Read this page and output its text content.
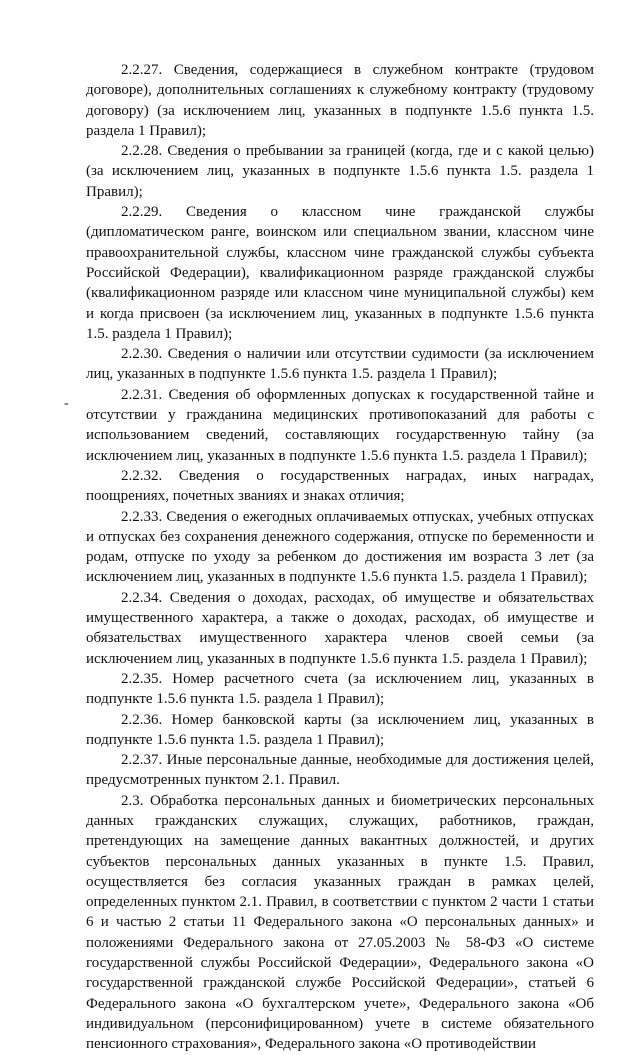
-

2.2.27. Сведения, содержащиеся в служебном контракте (трудовом договоре), дополнительных соглашениях к служебному контракту (трудовому договору) (за исключением лиц, указанных в подпункте 1.5.6 пункта 1.5. раздела 1 Правил);

2.2.28. Сведения о пребывании за границей (когда, где и с какой целью) (за исключением лиц, указанных в подпункте 1.5.6 пункта 1.5. раздела 1 Правил);

2.2.29. Сведения о классном чине гражданской службы (дипломатическом ранге, воинском или специальном звании, классном чине правоохранительной службы, классном чине гражданской службы субъекта Российской Федерации), квалификационном разряде гражданской службы (квалификационном разряде или классном чине муниципальной службы) кем и когда присвоен (за исключением лиц, указанных в подпункте 1.5.6 пункта 1.5. раздела 1 Правил);

2.2.30. Сведения о наличии или отсутствии судимости (за исключением лиц, указанных в подпункте 1.5.6 пункта 1.5. раздела 1 Правил);

2.2.31. Сведения об оформленных допусках к государственной тайне и отсутствии у гражданина медицинских противопоказаний для работы с использованием сведений, составляющих государственную тайну (за исключением лиц, указанных в подпункте 1.5.6 пункта 1.5. раздела 1 Правил);

2.2.32. Сведения о государственных наградах, иных наградах, поощрениях, почетных званиях и знаках отличия;

2.2.33. Сведения о ежегодных оплачиваемых отпусках, учебных отпусках и отпусках без сохранения денежного содержания, отпуске по беременности и родам, отпуске по уходу за ребенком до достижения им возраста 3 лет (за исключением лиц, указанных в подпункте 1.5.6 пункта 1.5. раздела 1 Правил);

2.2.34. Сведения о доходах, расходах, об имуществе и обязательствах имущественного характера, а также о доходах, расходах, об имуществе и обязательствах имущественного характера членов своей семьи (за исключением лиц, указанных в подпункте 1.5.6 пункта 1.5. раздела 1 Правил);

2.2.35. Номер расчетного счета (за исключением лиц, указанных в подпункте 1.5.6 пункта 1.5. раздела 1 Правил);

2.2.36. Номер банковской карты (за исключением лиц, указанных в подпункте 1.5.6 пункта 1.5. раздела 1 Правил);

2.2.37. Иные персональные данные, необходимые для достижения целей, предусмотренных пунктом 2.1. Правил.

2.3. Обработка персональных данных и биометрических персональных данных гражданских служащих, служащих, работников, граждан, претендующих на замещение данных вакантных должностей, и других субъектов персональных данных указанных в пункте 1.5. Правил, осуществляется без согласия указанных граждан в рамках целей, определенных пунктом 2.1. Правил, в соответствии с пунктом 2 части 1 статьи 6 и частью 2 статьи 11 Федерального закона «О персональных данных» и положениями Федерального закона от 27.05.2003 № 58-ФЗ «О системе государственной службы Российской Федерации», Федерального закона «О государственной гражданской службе Российской Федерации», статьей 6 Федерального закона «О бухгалтерском учете», Федерального закона «Об индивидуальном (персонифицированном) учете в системе обязательного пенсионного страхования», Федерального закона «О противодействии
